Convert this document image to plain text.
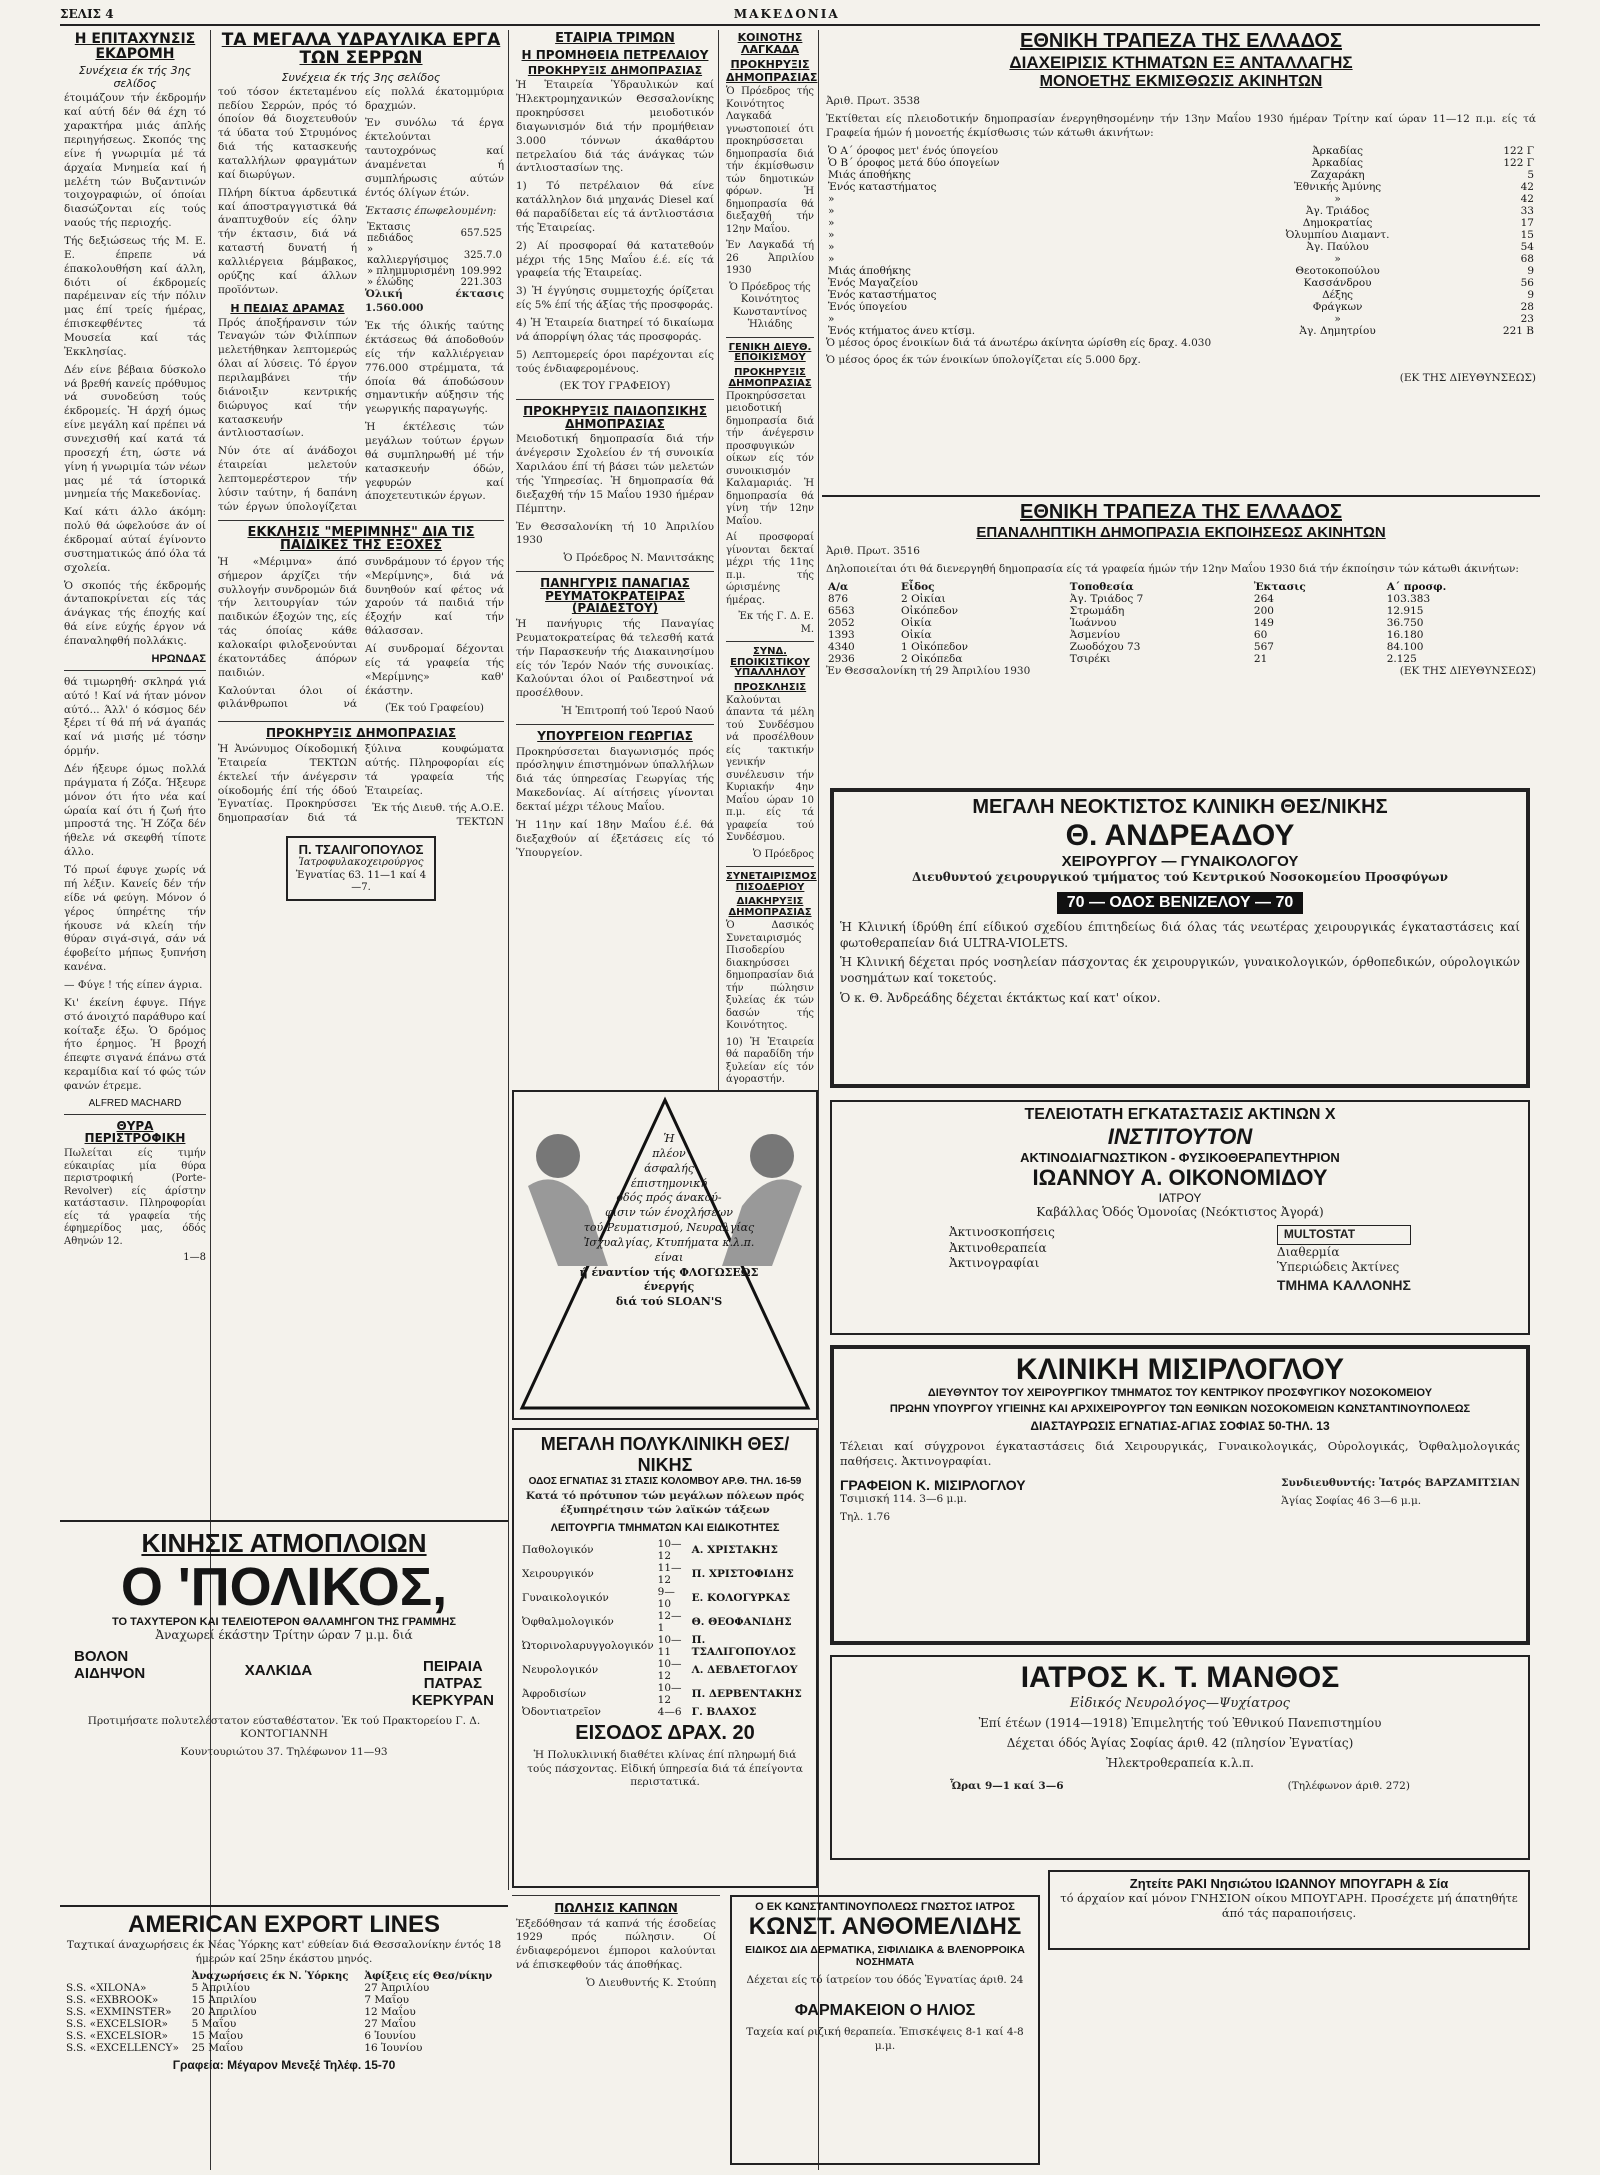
ΣΕΛΙΣ 4	ΜΑΚΕΔΟΝΙΑ
Η ΕΠΙΤΑΧΥΝΣΙΣ ΕΚΔΡΟΜΗ
Συνέχεια έκ τής 3ης σελίδος

έτοιμάζουν τήν έκδρομήν καί αύτή δέν θά έχη τό χαρακτήρα μιάς άπλής περιηγήσεως. Σκοπός της είνε ή γνωριμία μέ τά άρχαία Μνημεία καί ή μελέτη τών Βυζαντινών τοιχογραφιών, οί όποίαι διασώζονται είς τούς ναούς τής περιοχής.

Τής δεξιώσεως τής Μ. Ε. Ε. έπρεπε νά έπακολουθήση καί άλλη, διότι οί έκδρομείς παρέμειναν είς τήν πόλιν μας έπί τρείς ήμέρας, έπισκεφθέντες τά Μουσεία καί τάς Ἐκκλησίας.

Δέν είνε βέβαια δύσκολο νά βρεθή κανείς πρόθυμος νά συνοδεύση τούς έκδρομείς. Ἡ άρχή όμως είνε μεγάλη καί πρέπει νά συνεχισθή καί κατά τά προσεχή έτη, ώστε νά γίνη ή γνωριμία τών νέων μας μέ τά ίστορικά μνημεία τής Μακεδονίας.

Καί κάτι άλλο άκόμη: πολύ θά ώφελούσε άν οί έκδρομαί αύταί έγίνοντο συστηματικώς άπό όλα τά σχολεία.

Ὁ σκοπός τής έκδρομής άνταποκρίνεται είς τάς άνάγκας τής έποχής καί θά είνε εύχής έργον νά έπαναληφθή πολλάκις.

ΗΡΩΝΔΑΣ

θά τιμωρηθή· σκληρά γιά αύτό ! Καί νά ήταν μόνον αύτό... Άλλ' ό κόσμος δέν ξέρει τί θά πή νά άγαπάς καί νά μισής μέ τόσην όρμήν.

Δέν ήξευρε όμως πολλά πράγματα ή Ζόζα. Ήξευρε μόνον ότι ήτο νέα καί ώραία καί ότι ή ζωή ήτο μπροστά της. Ἡ Ζόζα δέν ήθελε νά σκεφθή τίποτε άλλο.

Τό πρωί έφυγε χωρίς νά πή λέξιν. Κανείς δέν τήν είδε νά φεύγη. Μόνον ό γέρος ύπηρέτης τήν ήκουσε νά κλείη τήν θύραν σιγά-σιγά, σάν νά έφοβείτο μήπως ξυπνήση κανένα.

— Φύγε ! τής είπεν άγρια.

Κι' έκείνη έφυγε. Πήγε στό άνοιχτό παράθυρο καί κοίταξε έξω. Ὁ δρόμος ήτο έρημος. Ἡ βροχή έπεφτε σιγανά έπάνω στά κεραμίδια καί τό φώς τών φανών έτρεμε.

ALFRED MACHARD
ΘΥΡΑ ΠΕΡΙΣΤΡΟΦΙΚΗ

Πωλείται είς τιμήν εύκαιρίας μία θύρα περιστροφική (Porte-Revolver) είς άρίστην κατάστασιν. Πληροφορίαι είς τά γραφεία τής έφημερίδος μας, όδός Αθηνών 12.

1—8
ΤΑ ΜΕΓΑΛΑ ΥΔΡΑΥΛΙΚΑ ΕΡΓΑ ΤΩΝ ΣΕΡΡΩΝ
Συνέχεια έκ τής 3ης σελίδος

τού τόσον έκτεταμένου πεδίου Σερρών, πρός τό όποίον θά διοχετευθούν τά ύδατα τού Στρυμόνος διά τής κατασκευής καταλλήλων φραγμάτων καί διωρύγων.

Πλήρη δίκτυα άρδευτικά καί άποστραγγιστικά θά άναπτυχθούν είς όλην τήν έκτασιν, διά νά καταστή δυνατή ή καλλιέργεια βάμβακος, ορύζης καί άλλων προϊόντων.

Η ΠΕΔΙΑΣ ΔΡΑΜΑΣ

Πρός άποξήρανσιν τών Τεναγών τών Φιλίππων μελετήθηκαν λεπτομερώς όλαι αί λύσεις. Τό έργον περιλαμβάνει τήν διάνοιξιν κεντρικής διώρυγος καί τήν κατασκευήν άντλιοστασίων.

Νύν ότε αί άνάδοχοι έταιρείαι μελετούν λεπτομερέστερον τήν λύσιν ταύτην, ή δαπάνη τών έργων ύπολογίζεται είς πολλά έκατομμύρια δραχμών.

Ἐν συνόλω τά έργα έκτελούνται ταυτοχρόνως καί άναμένεται ή συμπλήρωσις αύτών έντός όλίγων έτών.

Ἐκτασις έπωφελουμένη:
Ἐκτασις πεδιάδος	657.525
» καλλιεργήσιμος	325.7.0
» πλημμυρισμένη	109.992
» έλώδης	221.303
Ὁλική έκτασις 1.560.000

Ἐκ τής όλικής ταύτης έκτάσεως θά άποδοθούν είς τήν καλλιέργειαν 776.000 στρέμματα, τά όποία θά άποδώσουν σημαντικήν αύξησιν τής γεωργικής παραγωγής.

Ἡ έκτέλεσις τών μεγάλων τούτων έργων θά συμπληρωθή μέ τήν κατασκευήν όδών, γεφυρών καί άποχετευτικών έργων.

ΕΚΚΛΗΣΙΣ "ΜΕΡΙΜΝΗΣ" ΔΙΑ ΤΙΣ ΠΑΙΔΙΚΕΣ ΤΗΣ ΕΞΟΧΕΣ

Ἡ «Μέριμνα» άπό σήμερον άρχίζει τήν συλλογήν συνδρομών διά τήν λειτουργίαν τών παιδικών έξοχών της, είς τάς όποίας κάθε καλοκαίρι φιλοξενούνται έκατοντάδες άπόρων παιδιών.

Καλούνται όλοι οί φιλάνθρωποι νά συνδράμουν τό έργον τής «Μερίμνης», διά νά δυνηθούν καί φέτος νά χαρούν τά παιδιά τήν έξοχήν καί τήν θάλασσαν.

Αί συνδρομαί δέχονται είς τά γραφεία τής «Μερίμνης» καθ' έκάστην.

(Ἐκ τού Γραφείου)
ΠΡΟΚΗΡΥΞΙΣ ΔΗΜΟΠΡΑΣΙΑΣ

Ἡ Ἀνώνυμος Οίκοδομική Ἐταιρεία ΤΕΚΤΩΝ έκτελεί τήν άνέγερσιν οίκοδομής έπί τής όδού Ἐγνατίας. Προκηρύσσει δημοπρασίαν διά τά ξύλινα κουφώματα αύτής. Πληροφορίαι είς τά γραφεία τής Ἐταιρείας.

Ἐκ τής Διευθ. τής Α.Ο.Ε. ΤΕΚΤΩΝ
Π. ΤΣΑΛΙΓΟΠΟΥΛΟΣ
Ἰατροφυλακοχειρούργος
Ἐγνατίας 63. 11—1 καί 4—7.
ΚΙΝΗΣΙΣ ΑΤΜΟΠΛΟΙΩΝ
Ο 'ΠΟΛΙΚΟΣ,
ΤΟ ΤΑΧΥΤΕΡΟΝ ΚΑΙ ΤΕΛΕΙΟΤΕΡΟΝ ΘΑΛΑΜΗΓΟΝ ΤΗΣ ΓΡΑΜΜΗΣ
Ἀναχωρεί έκάστην Τρίτην ώραν 7 μ.μ. διά
ΒΟΛΟΝ
ΑΙΔΗΨΟΝ	ΧΑΛΚΙΔΑ	ΠΕΙΡΑΙΑ
ΠΑΤΡΑΣ
ΚΕΡΚΥΡΑΝ
Προτιμήσατε πολυτελέστατον εύσταθέστατον. Ἐκ τού Πρακτορείου Γ. Δ. ΚΟΝΤΟΓΙΑΝΝΗ
Κουντουριώτου 37. Τηλέφωνον 11—93
AMERICAN EXPORT LINES
Ταχτικαί άναχωρήσεις έκ Νέας Ὑόρκης κατ' εύθείαν διά Θεσσαλονίκην έντός 18 ήμερών καί 25ην έκάστου μηνός.
	Ἀναχωρήσεις έκ Ν. Ὑόρκης	Ἀφίξεις είς Θεσ/νίκην
S.S. «XILONA»	5 Ἀπριλίου	27 Ἀπριλίου
S.S. «EXBROOK»	15 Ἀπριλίου	7 Μαΐου
S.S. «EXMINSTER»	20 Ἀπριλίου	12 Μαΐου
S.S. «EXCELSIOR»	5 Μαΐου	27 Μαΐου
S.S. «EXCELSIOR»	15 Μαΐου	6 Ἰουνίου
S.S. «EXCELLENCY»	25 Μαΐου	16 Ἰουνίου
Γραφεία: Μέγαρον Μενεξέ Τηλέφ. 15-70
ΕΤΑΙΡΙΑ ΤΡΙΜΩΝ
Η ΠΡΟΜΗΘΕΙΑ ΠΕΤΡΕΛΑΙΟΥ
ΠΡΟΚΗΡΥΞΙΣ ΔΗΜΟΠΡΑΣΙΑΣ

Ἡ Ἑταιρεία Ὑδραυλικών καί Ἠλεκτρομηχανικών Θεσσαλονίκης προκηρύσσει μειοδοτικόν διαγωνισμόν διά τήν προμήθειαν 3.000 τόννων άκαθάρτου πετρελαίου διά τάς άνάγκας τών άντλιοστασίων της.

1) Τό πετρέλαιον θά είνε κατάλληλον διά μηχανάς Diesel καί θά παραδίδεται είς τά άντλιοστάσια τής Ἑταιρείας.

2) Αί προσφοραί θά κατατεθούν μέχρι τής 15ης Μαΐου έ.έ. είς τά γραφεία τής Ἑταιρείας.

3) Ἡ έγγύησις συμμετοχής όρίζεται είς 5% έπί τής άξίας τής προσφοράς.

4) Ἡ Ἑταιρεία διατηρεί τό δικαίωμα νά άπορρίψη όλας τάς προσφοράς.

5) Λεπτομερείς όροι παρέχονται είς τούς ένδιαφερομένους.

(ΕΚ ΤΟΥ ΓΡΑΦΕΙΟΥ)
ΠΡΟΚΗΡΥΞΙΣ ΠΑΙΔΟΠΣΙΚΗΣ ΔΗΜΟΠΡΑΣΙΑΣ

Μειοδοτική δημοπρασία διά τήν άνέγερσιν Σχολείου έν τή συνοικία Χαριλάου έπί τή βάσει τών μελετών τής Ὑπηρεσίας. Ἡ δημοπρασία θά διεξαχθή τήν 15 Μαΐου 1930 ήμέραν Πέμπτην.

Ἐν Θεσσαλονίκη τή 10 Ἀπριλίου 1930
Ὁ Πρόεδρος Ν. Μανιτσάκης
ΠΑΝΗΓΥΡΙΣ ΠΑΝΑΓΙΑΣ ΡΕΥΜΑΤΟΚΡΑΤΕΙΡΑΣ (ΡΑΙΔΕΣΤΟΥ)

Ἡ πανήγυρις τής Παναγίας Ρευματοκρατείρας θά τελεσθή κατά τήν Παρασκευήν τής Διακαινησίμου είς τόν Ἱερόν Ναόν τής συνοικίας. Καλούνται όλοι οί Ραιδεστηνοί νά προσέλθουν.

Ἡ Ἐπιτροπή τού Ἱερού Ναού
ΥΠΟΥΡΓΕΙΟΝ ΓΕΩΡΓΙΑΣ

Προκηρύσσεται διαγωνισμός πρός πρόσληψιν έπιστημόνων ύπαλλήλων διά τάς ύπηρεσίας Γεωργίας τής Μακεδονίας. Αί αίτήσεις γίνονται δεκταί μέχρι τέλους Μαΐου.

Ἡ 11ην καί 18ην Μαΐου έ.έ. θά διεξαχθούν αί έξετάσεις είς τό Ὑπουργείον.

ΠΩΛΗΣΙΣ ΚΑΠΝΩΝ

Ἐξεδόθησαν τά καπνά τής έσοδείας 1929 πρός πώλησιν. Οί ένδιαφερόμενοι έμποροι καλούνται νά έπισκεφθούν τάς άποθήκας.

Ὁ Διευθυντής Κ. Στούπη
ΚΟΙΝΟΤΗΣ ΛΑΓΚΑΔΑ
ΠΡΟΚΗΡΥΞΙΣ ΔΗΜΟΠΡΑΣΙΑΣ

Ὁ Πρόεδρος τής Κοινότητος Λαγκαδά γνωστοποιεί ότι προκηρύσσεται δημοπρασία διά τήν έκμίσθωσιν τών δημοτικών φόρων. Ἡ δημοπρασία θά διεξαχθή τήν 12ην Μαΐου.

Ἐν Λαγκαδά τή 26 Ἀπριλίου 1930
Ὁ Πρόεδρος τής Κοινότητος Κωνσταντίνος Ἠλιάδης
ΓΕΝΙΚΗ ΔΙΕΥΘ. ΕΠΟΙΚΙΣΜΟΥ
ΠΡΟΚΗΡΥΞΙΣ ΔΗΜΟΠΡΑΣΙΑΣ

Προκηρύσσεται μειοδοτική δημοπρασία διά τήν άνέγερσιν προσφυγικών οίκων είς τόν συνοικισμόν Καλαμαριάς. Ἡ δημοπρασία θά γίνη τήν 12ην Μαΐου.

Αί προσφοραί γίνονται δεκταί μέχρι τής 11ης π.μ. τής ώρισμένης ήμέρας.

Ἐκ τής Γ. Δ. Ε. Μ.
ΣΥΝΔ. ΕΠΟΙΚΙΣΤΙΚΟΥ ΥΠΑΛΛΗΛΟΥ
ΠΡΟΣΚΛΗΣΙΣ

Καλούνται άπαντα τά μέλη τού Συνδέσμου νά προσέλθουν είς τακτικήν γενικήν συνέλευσιν τήν Κυριακήν 4ην Μαΐου ώραν 10 π.μ. είς τά γραφεία τού Συνδέσμου.

Ὁ Πρόεδρος
ΣΥΝΕΤΑΙΡΙΣΜΟΣ ΠΙΣΟΔΕΡΙΟΥ
ΔΙΑΚΗΡΥΞΙΣ ΔΗΜΟΠΡΑΣΙΑΣ

Ὁ Δασικός Συνεταιρισμός Πισοδερίου διακηρύσσει δημοπρασίαν διά τήν πώλησιν ξυλείας έκ τών δασών τής Κοινότητος.

10) Ἡ Ἑταιρεία θά παραδίδη τήν ξυλείαν είς τόν άγοραστήν.

Ἡ
πλέον
άσφαλής
έπιστημονική
όδός πρός άνακού-
φισιν τών ένοχλήσεων
τού Ρευματισμού, Νευραλγίας
Ἰσχυαλγίας, Κτυπήματα κ.λ.π. είναι
ή έναντίον τής ΦΛΟΓΩΣΕΩΣ ένεργής
διά τού SLOAN'S
ΜΕΓΑΛΗ ΠΟΛΥΚΛΙΝΙΚΗ ΘΕΣ/ΝΙΚΗΣ
ΟΔΟΣ ΕΓΝΑΤΙΑΣ 31 ΣΤΑΣΙΣ ΚΟΛΟΜΒΟΥ ΑΡ.Θ. ΤΗΛ. 16-59
Κατά τό πρότυπον τών μεγάλων πόλεων πρός έξυπηρέτησιν τών λαϊκών τάξεων
ΛΕΙΤΟΥΡΓΙΑ ΤΜΗΜΑΤΩΝ ΚΑΙ ΕΙΔΙΚΟΤΗΤΕΣ
Παθολογικόν	10—12	Α. ΧΡΙΣΤΑΚΗΣ
Χειρουργικόν	11—12	Π. ΧΡΙΣΤΟΦΙΔΗΣ
Γυναικολογικόν	9—10	Ε. ΚΟΛΟΓΥΡΚΑΣ
Ὀφθαλμολογικόν	12—1	Θ. ΘΕΟΦΑΝΙΔΗΣ
Ὠτορινολαρυγγολογικόν	10—11	Π. ΤΣΑΛΙΓΟΠΟΥΛΟΣ
Νευρολογικόν	10—12	Λ. ΔΕΒΛΕΤΟΓΛΟΥ
Ἀφροδισίων	10—12	Π. ΔΕΡΒΕΝΤΑΚΗΣ
Ὀδοντιατρεῖον	4—6	Γ. ΒΛΑΧΟΣ
ΕΙΣΟΔΟΣ ΔΡΑΧ. 20

Ἡ Πολυκλινική διαθέτει κλίνας έπί πληρωμή διά τούς πάσχοντας. Εἰδική ύπηρεσία διά τά έπείγοντα περιστατικά.

Ο ΕΚ ΚΩΝΣΤΑΝΤΙΝΟΥΠΟΛΕΩΣ ΓΝΩΣΤΟΣ ΙΑΤΡΟΣ
ΚΩΝΣΤ. ΑΝΘΟΜΕΛΙΔΗΣ
ΕΙΔΙΚΟΣ ΔΙΑ ΔΕΡΜΑΤΙΚΑ, ΣΙΦΙΛΙΔΙΚΑ & ΒΛΕΝΟΡΡΟΙΚΑ ΝΟΣΗΜΑΤΑ
Δέχεται είς τό ίατρείον του όδός Ἐγνατίας άριθ. 24
ΦΑΡΜΑΚΕΙΟΝ Ο ΗΛΙΟΣ
Ταχεία καί ριζική θεραπεία. Ἐπισκέψεις 8-1 καί 4-8 μ.μ.
ΕΘΝΙΚΗ ΤΡΑΠΕΖΑ ΤΗΣ ΕΛΛΑΔΟΣ
ΔΙΑΧΕΙΡΙΣΙΣ ΚΤΗΜΑΤΩΝ ΕΞ ΑΝΤΑΛΛΑΓΗΣ
ΜΟΝΟΕΤΗΣ ΕΚΜΙΣΘΩΣΙΣ ΑΚΙΝΗΤΩΝ
Ἀριθ. Πρωτ. 3538

Ἐκτίθεται είς πλειοδοτικήν δημοπρασίαν ένεργηθησομένην τήν 13ην Μαΐου 1930 ήμέραν Τρίτην καί ώραν 11—12 π.μ. είς τά Γραφεία ήμών ή μονοετής έκμίσθωσις τών κάτωθι άκινήτων:

Ὁ Α΄ όροφος μετ' ένός ύπογείου	Ἀρκαδίας	122 Γ
Ὁ Β΄ όροφος μετά δύο όπογείων	Ἀρκαδίας	122 Γ
Μιάς άποθήκης	Ζαχαράκη	5
Ἑνός καταστήματος	Ἐθνικής Ἀμύνης	42
»	»	42
»	Ἀγ. Τριάδος	33
»	Δημοκρατίας	17
»	Ὀλυμπίου Διαμαντ.	15
»	Ἀγ. Παύλου	54
»	»	68
Μιάς άποθήκης	Θεοτοκοπούλου	9
Ἑνός Μαγαζείου	Κασσάνδρου	56
Ἑνός καταστήματος	Δέξης	9
Ἑνός ύπογείου	Φράγκων	28
»	»	23
Ἑνός κτήματος άνευ κτίσμ.	Ἀγ. Δημητρίου	221 Β

Ὁ μέσος όρος ένοικίων διά τά άνωτέρω άκίνητα ώρίσθη είς δραχ. 4.030

Ὁ μέσος όρος έκ τών ένοικίων ύπολογίζεται είς 5.000 δρχ.

(ΕΚ ΤΗΣ ΔΙΕΥΘΥΝΣΕΩΣ)
ΕΘΝΙΚΗ ΤΡΑΠΕΖΑ ΤΗΣ ΕΛΛΑΔΟΣ
ΕΠΑΝΑΛΗΠΤΙΚΗ ΔΗΜΟΠΡΑΣΙΑ ΕΚΠΟΙΗΣΕΩΣ ΑΚΙΝΗΤΩΝ
Ἀριθ. Πρωτ. 3516

Δηλοποιείται ότι θά διενεργηθή δημοπρασία είς τά γραφεία ήμών τήν 12ην Μαΐου 1930 διά τήν έκποίησιν τών κάτωθι άκινήτων:

Α/α	Εἶδος	Τοποθεσία	Ἐκτασις	Α΄ προσφ.
876	2 Οἰκίαι	Ἀγ. Τριάδος 7	264	103.383
6563	Οἰκόπεδον	Στρωμάδη	200	12.915
2052	Οἰκία	Ἰωάννου	149	36.750
1393	Οἰκία	Ἀσμενίου	60	16.180
4340	1 Οἰκόπεδον	Ζωοδόχου 73	567	84.100
2936	2 Οἰκόπεδα	Τσιρέκι	21	2.125
Ἐν Θεσσαλονίκη τή 29 Ἀπριλίου 1930	(ΕΚ ΤΗΣ ΔΙΕΥΘΥΝΣΕΩΣ)
ΜΕΓΑΛΗ ΝΕΟΚΤΙΣΤΟΣ ΚΛΙΝΙΚΗ ΘΕΣ/ΝΙΚΗΣ
Θ. ΑΝΔΡΕΑΔΟΥ
ΧΕΙΡΟΥΡΓΟΥ — ΓΥΝΑΙΚΟΛΟΓΟΥ
Διευθυντού χειρουργικού τμήματος τού Κεντρικού Νοσοκομείου Προσφύγων
70 — ΟΔΟΣ ΒΕΝΙΖΕΛΟΥ — 70

Ἡ Κλινική ίδρύθη έπί είδικού σχεδίου έπιτηδείως διά όλας τάς νεωτέρας χειρουργικάς έγκαταστάσεις καί φωτοθεραπείαν διά ULTRA-VIOLETS.

Ἡ Κλινική δέχεται πρός νοσηλείαν πάσχοντας έκ χειρουργικών, γυναικολογικών, όρθοπεδικών, ούρολογικών νοσημάτων καί τοκετούς.

Ὁ κ. Θ. Ἀνδρεάδης δέχεται έκτάκτως καί κατ' οίκον.

ΤΕΛΕΙΟΤΑΤΗ ΕΓΚΑΤΑΣΤΑΣΙΣ ΑΚΤΙΝΩΝ Χ
ΙΝΣΤΙΤΟΥΤΟΝ
ΑΚΤΙΝΟΔΙΑΓΝΩΣΤΙΚΟΝ - ΦΥΣΙΚΟΘΕΡΑΠΕΥΤΗΡΙΟΝ
ΙΩΑΝΝΟΥ Α. ΟΙΚΟΝΟΜΙΔΟΥ
ΙΑΤΡΟΥ
Καβάλλας Ὁδός Ὁμονοίας (Νεόκτιστος Ἀγορά)
Ἀκτινοσκοπήσεις
Ἀκτινοθεραπεία
Ἀκτινογραφίαι
MULTOSTAT
Διαθερμία
Ὑπεριώδεις Ἀκτίνες
ΤΜΗΜΑ ΚΑΛΛΟΝΗΣ
ΚΛΙΝΙΚΗ ΜΙΣΙΡΛΟΓΛΟΥ
ΔΙΕΥΘΥΝΤΟΥ ΤΟΥ ΧΕΙΡΟΥΡΓΙΚΟΥ ΤΜΗΜΑΤΟΣ ΤΟΥ ΚΕΝΤΡΙΚΟΥ ΠΡΟΣΦΥΓΙΚΟΥ ΝΟΣΟΚΟΜΕΙΟΥ
ΠΡΩΗΝ ΥΠΟΥΡΓΟΥ ΥΓΙΕΙΝΗΣ ΚΑΙ ΑΡΧΙΧΕΙΡΟΥΡΓΟΥ ΤΩΝ ΕΘΝΙΚΩΝ ΝΟΣΟΚΟΜΕΙΩΝ ΚΩΝΣΤΑΝΤΙΝΟΥΠΟΛΕΩΣ
ΔΙΑΣΤΑΥΡΩΣΙΣ ΕΓΝΑΤΙΑΣ-ΑΓΙΑΣ ΣΟΦΙΑΣ 50-ΤΗΛ. 13

Τέλειαι καί σύγχρονοι έγκαταστάσεις διά Χειρουργικάς, Γυναικολογικάς, Οὐρολογικάς, Ὀφθαλμολογικάς παθήσεις. Ἀκτινογραφίαι.

ΓΡΑΦΕΙΟΝ Κ. ΜΙΣΙΡΛΟΓΛΟΥ
Τσιμισκή 114. 3—6 μ.μ.
Τηλ. 1.76
Συνδιευθυντής: Ἰατρός ΒΑΡΖΑΜΙΤΣΙΑΝ
Ἁγίας Σοφίας 46 3—6 μ.μ.
ΙΑΤΡΟΣ Κ. Τ. ΜΑΝΘΟΣ
Εἰδικός Νευρολόγος—Ψυχίατρος
Ἐπί έτέων (1914—1918) Ἐπιμελητής τού Ἐθνικού Πανεπιστημίου
Δέχεται όδός Ἁγίας Σοφίας άριθ. 42 (πλησίον Ἐγνατίας)
Ἠλεκτροθεραπεία κ.λ.π.
Ὧραι 9—1 καί 3—6	(Τηλέφωνον άριθ. 272)
Ζητείτε ΡΑΚΙ Νησιώτου ΙΩΑΝΝΟΥ ΜΠΟΥΓΑΡΗ & Σία
τό άρχαίον καί μόνον ΓΝΗΣΙΟΝ οίκου ΜΠΟΥΓΑΡΗ. Προσέχετε μή άπατηθήτε άπό τάς παραποιήσεις.
